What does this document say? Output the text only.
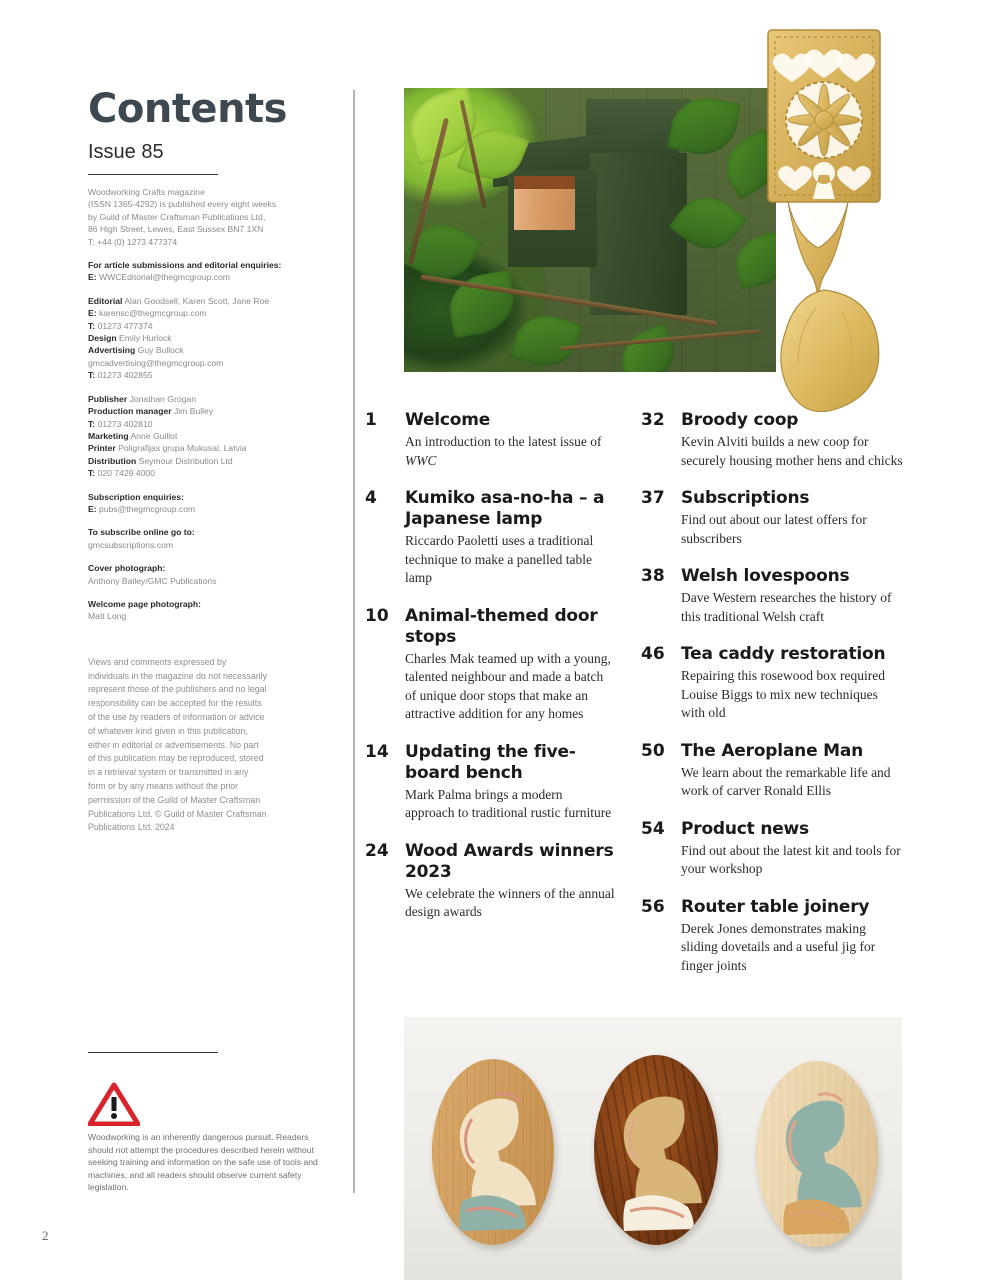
Contents
Issue 85
Woodworking Crafts magazine
(ISSN 1365-4292) is published every eight weeks
by Guild of Master Craftsman Publications Ltd,
86 High Street, Lewes, East Sussex BN7 1XN
T: +44 (0) 1273 477374
For article submissions and editorial enquiries:
E: WWCEditorial@thegmcgroup.com
Editorial Alan Goodsell, Karen Scott, Jane Roe
E: karensc@thegmcgroup.com
T: 01273 477374
Design Emily Hurlock
Advertising Guy Bullock
gmcadvertising@thegmcgroup.com
T: 01273 402855
Publisher Jonathan Grogan
Production manager Jim Bulley
T: 01273 402810
Marketing Anne Guillot
Printer Poligrafijas grupa Mukusal, Latvia
Distribution Seymour Distribution Ltd
T: 020 7429 4000
Subscription enquiries:
E: pubs@thegmcgroup.com
To subscribe online go to:
gmcsubscriptions.com
Cover photograph:
Anthony Bailey/GMC Publications
Welcome page photograph:
Matt Long
Views and comments expressed by individuals in the magazine do not necessarily represent those of the publishers and no legal responsibility can be accepted for the results of the use by readers of information or advice of whatever kind given in this publication, either in editorial or advertisements. No part of this publication may be reproduced, stored in a retrieval system or transmitted in any form or by any means without the prior permission of the Guild of Master Craftsman Publications Ltd. © Guild of Master Craftsman Publications Ltd. 2024
Woodworking is an inherently dangerous pursuit. Readers should not attempt the procedures described herein without seeking training and information on the safe use of tools and machines, and all readers should observe current safety legislation.
2
1	Welcome

An introduction to the latest issue of WWC

4	Kumiko asa-no-ha – a Japanese lamp

Riccardo Paoletti uses a traditional technique to make a panelled table lamp

10 Animal-themed door stops

Charles Mak teamed up with a young, talented neighbour and made a batch of unique door stops that make an attractive addition for any homes

14 Updating the five-board bench

Mark Palma brings a modern approach to traditional rustic furniture

24 Wood Awards winners 2023

We celebrate the winners of the annual design awards

32 Broody coop

Kevin Alviti builds a new coop for securely housing mother hens and chicks

37 Subscriptions

Find out about our latest offers for subscribers

38 Welsh lovespoons

Dave Western researches the history of this traditional Welsh craft

46 Tea caddy restoration

Repairing this rosewood box required Louise Biggs to mix new techniques with old

50 The Aeroplane Man

We learn about the remarkable life and work of carver Ronald Ellis

54 Product news

Find out about the latest kit and tools for your workshop

56 Router table joinery

Derek Jones demonstrates making sliding dovetails and a useful jig for finger joints
